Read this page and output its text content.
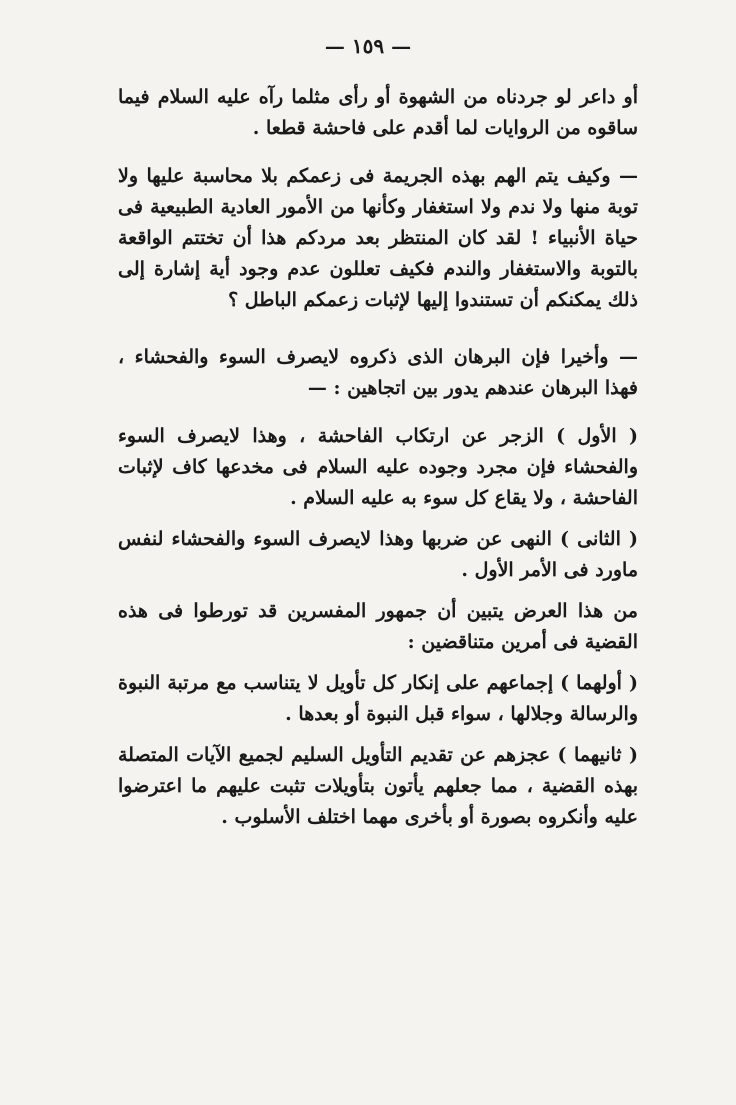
— ١٥٩ —

أو داعر لو جردناه من الشهوة أو رأى مثلما رآه عليه السلام فيما ساقوه من الروايات لما أقدم على فاحشة قطعا .

— وكيف يتم الهم بهذه الجريمة فى زعمكم بلا محاسبة عليها ولا توبة منها ولا ندم ولا استغفار وكأنها من الأمور العادية الطبيعية فى حياة الأنبياء ! لقد كان المنتظر بعد مردكم هذا أن تختتم الواقعة بالتوبة والاستغفار والندم فكيف تعللون عدم وجود أية إشارة إلى ذلك يمكنكم أن تستندوا إليها لإثبات زعمكم الباطل ؟

— وأخيرا فإن البرهان الذى ذكروه لايصرف السوء والفحشاء ، فهذا البرهان عندهم يدور بين اتجاهين : —

( الأول ) الزجر عن ارتكاب الفاحشة ، وهذا لايصرف السوء والفحشاء فإن مجرد وجوده عليه السلام فى مخدعها كاف لإثبات الفاحشة ، ولا يقاع كل سوء به عليه السلام .

( الثانى ) النهى عن ضربها وهذا لايصرف السوء والفحشاء لنفس ماورد فى الأمر الأول .

من هذا العرض يتبين أن جمهور المفسرين قد تورطوا فى هذه القضية فى أمرين متناقضين :

( أولهما ) إجماعهم على إنكار كل تأويل لا يتناسب مع مرتبة النبوة والرسالة وجلالها ، سواء قبل النبوة أو بعدها .

( ثانيهما ) عجزهم عن تقديم التأويل السليم لجميع الآيات المتصلة بهذه القضية ، مما جعلهم يأتون بتأويلات تثبت عليهم ما اعترضوا عليه وأنكروه بصورة أو بأخرى مهما اختلف الأسلوب .
